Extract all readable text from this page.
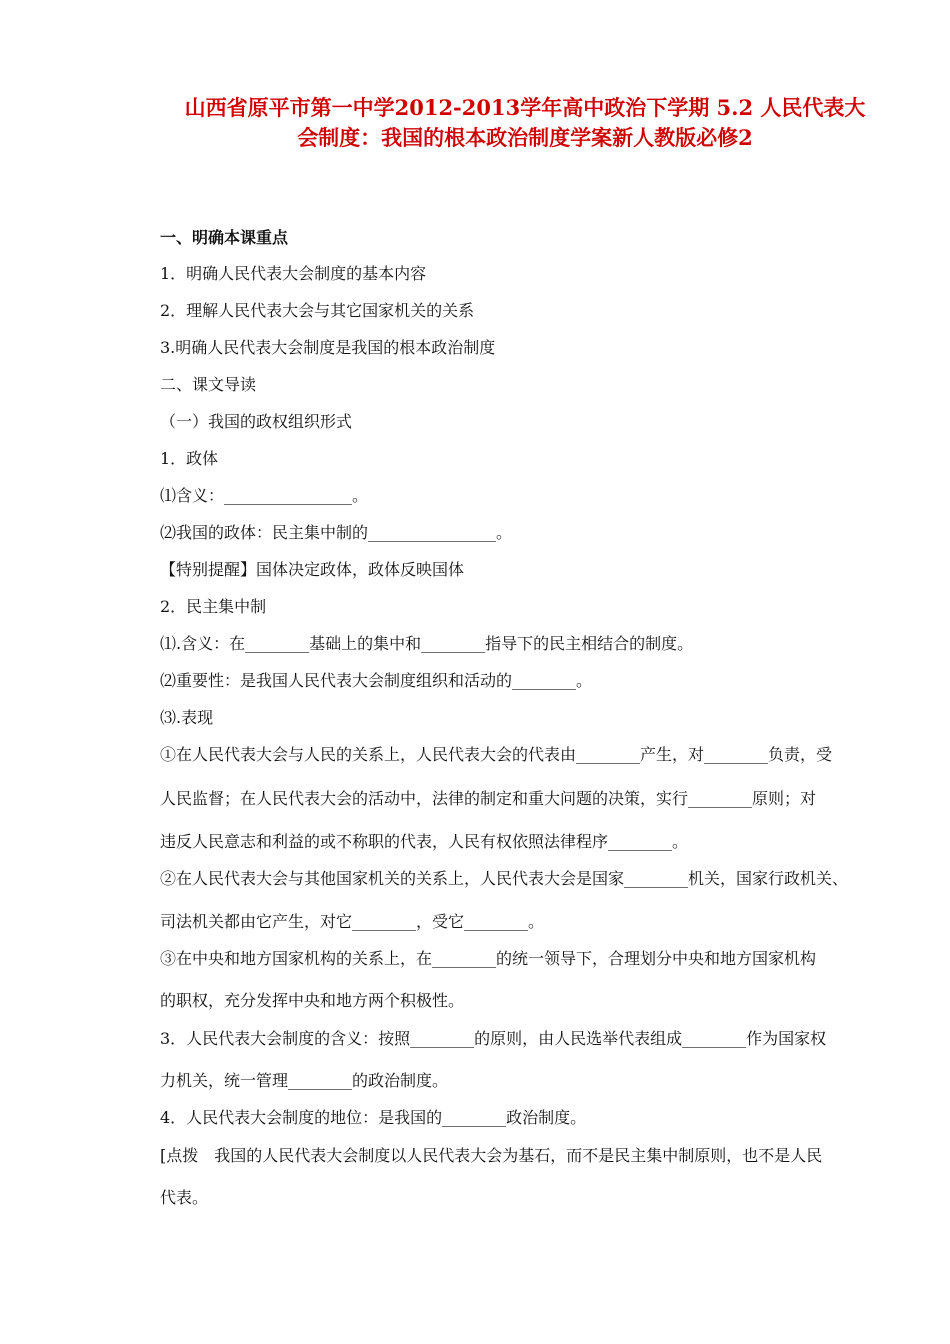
山西省原平市第一中学2012-2013学年高中政治下学期 5.2 人民代表大
会制度：我国的根本政治制度学案新人教版必修2
一、明确本课重点
1．明确人民代表大会制度的基本内容
2．理解人民代表大会与其它国家机关的关系
3.明确人民代表大会制度是我国的根本政治制度
二、课文导读
（一）我国的政权组织形式
1．政体
⑴含义：________________。
⑵我国的政体：民主集中制的________________。
【特别提醒】国体决定政体，政体反映国体
2．民主集中制
⑴.含义：在________基础上的集中和________指导下的民主相结合的制度。
⑵重要性：是我国人民代表大会制度组织和活动的________。
⑶.表现
①在人民代表大会与人民的关系上，人民代表大会的代表由________产生，对________负责，受
人民监督；在人民代表大会的活动中，法律的制定和重大问题的决策，实行________原则；对
违反人民意志和利益的或不称职的代表，人民有权依照法律程序________。
②在人民代表大会与其他国家机关的关系上，人民代表大会是国家________机关，国家行政机关、
司法机关都由它产生，对它________，受它________。
③在中央和地方国家机构的关系上，在________的统一领导下，合理划分中央和地方国家机构
的职权，充分发挥中央和地方两个积极性。
3．人民代表大会制度的含义：按照________的原则，由人民选举代表组成________作为国家权
力机关，统一管理________的政治制度。
4．人民代表大会制度的地位：是我国的________政治制度。
[点拨　我国的人民代表大会制度以人民代表大会为基石，而不是民主集中制原则，也不是人民
代表。
